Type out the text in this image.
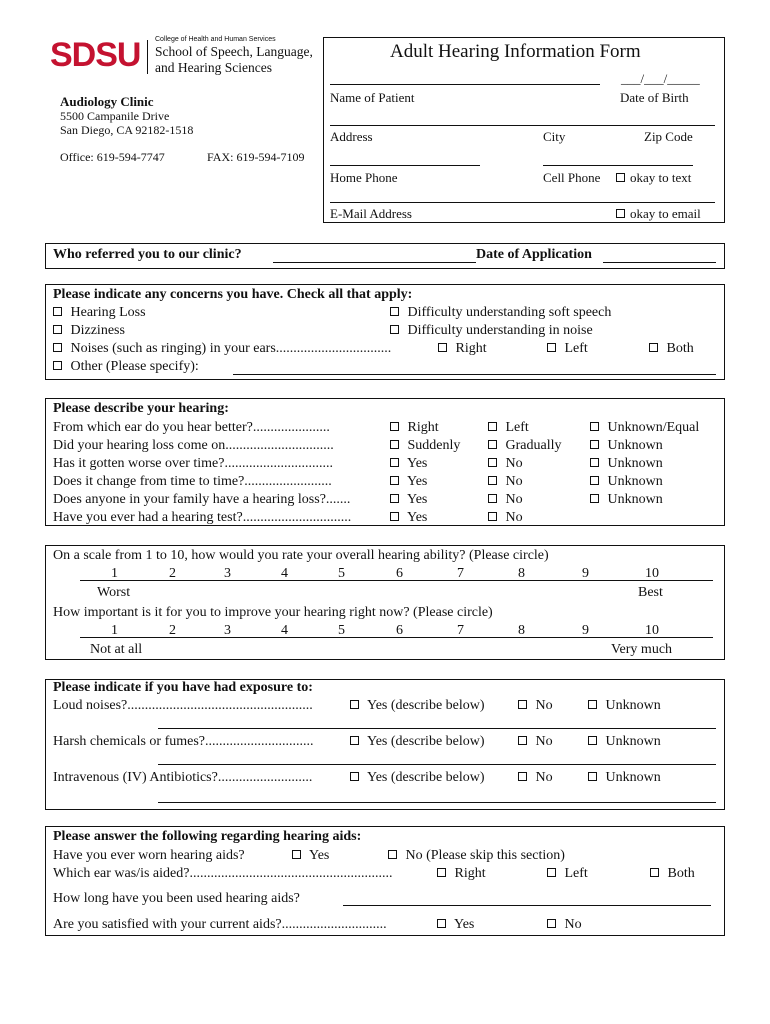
SDSU College of Health and Human Services
School of Speech, Language,
and Hearing Sciences
Audiology Clinic
5500 Campanile Drive
San Diego, CA 92182-1518
Office: 619-594-7747	FAX: 619-594-7109
Adult Hearing Information Form
___/___/_____
Name of Patient	Date of Birth
Address	City	Zip Code
Home Phone	Cell Phone	okay to text
E-Mail Address	okay to email
Who referred you to our clinic?	Date of Application
Please indicate any concerns you have. Check all that apply:
Hearing Loss	Difficulty understanding soft speech
Dizziness	Difficulty understanding in noise
Noises (such as ringing) in your ears.................................	Right	Left	Both
Other (Please specify):
Please describe your hearing:
From which ear do you hear better?......................	Right	Left	Unknown/Equal
Did your hearing loss come on...............................	Suddenly	Gradually	Unknown
Has it gotten worse over time?...............................	Yes	No	Unknown
Does it change from time to time?.........................	Yes	No	Unknown
Does anyone in your family have a hearing loss?.......	Yes	No	Unknown
Have you ever had a hearing test?...............................	Yes	No
On a scale from 1 to 10, how would you rate your overall hearing ability? (Please circle)
1	2	3	4	5	6	7	8	9	10
Worst	Best
How important is it for you to improve your hearing right now? (Please circle)
1	2	3	4	5	6	7	8	9	10
Not at all	Very much
Please indicate if you have had exposure to:
Loud noises?.....................................................	Yes (describe below)	No	Unknown
Harsh chemicals or fumes?...............................	Yes (describe below)	No	Unknown
Intravenous (IV) Antibiotics?...........................	Yes (describe below)	No	Unknown
Please answer the following regarding hearing aids:
Have you ever worn hearing aids?	Yes	No (Please skip this section)
Which ear was/is aided?..........................................................	Right	Left	Both
How long have you been used hearing aids?
Are you satisfied with your current aids?..............................	Yes	No
